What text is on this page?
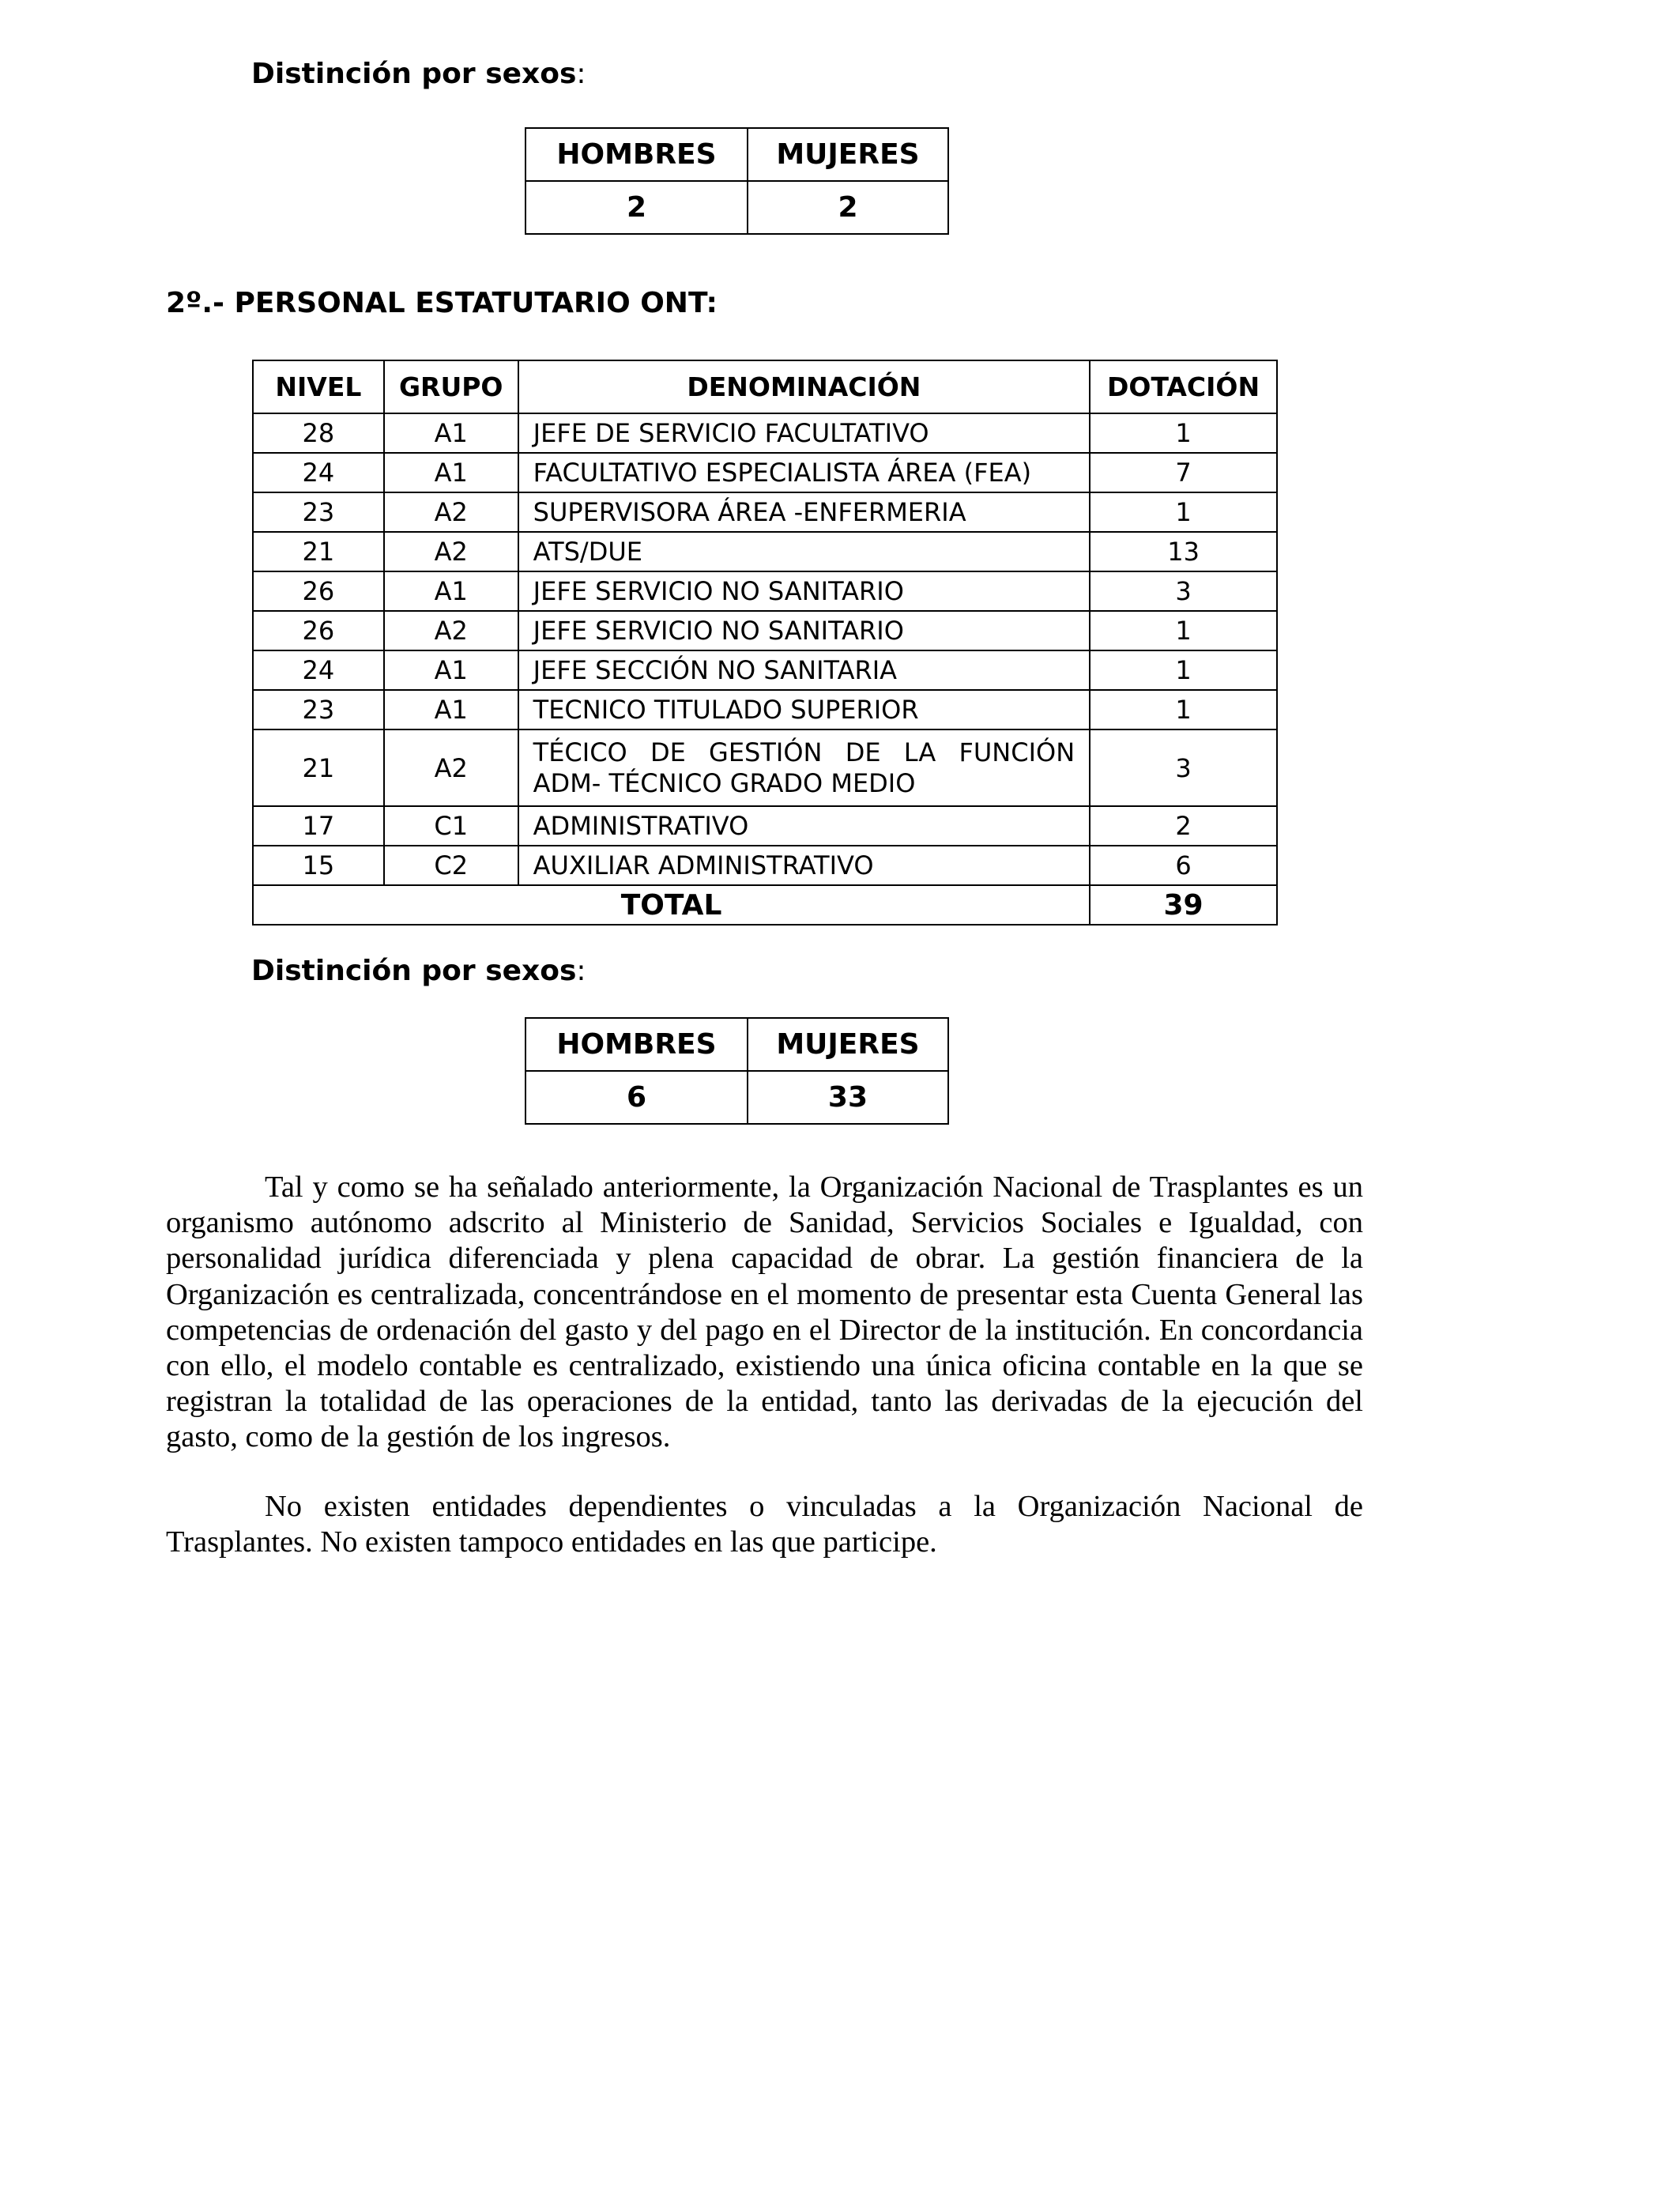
Distinción por sexos:
HOMBRES	MUJERES
2	2
2º.- PERSONAL ESTATUTARIO ONT:
NIVEL	GRUPO	DENOMINACIÓN	DOTACIÓN
28	A1	JEFE DE SERVICIO FACULTATIVO	1
24	A1	FACULTATIVO ESPECIALISTA ÁREA (FEA)	7
23	A2	SUPERVISORA ÁREA -ENFERMERIA	1
21	A2	ATS/DUE	13
26	A1	JEFE SERVICIO NO SANITARIO	3
26	A2	JEFE SERVICIO NO SANITARIO	1
24	A1	JEFE SECCIÓN NO SANITARIA	1
23	A1	TECNICO TITULADO SUPERIOR	1
21	A2	TÉCICO DE GESTIÓN DE LA FUNCIÓN ADM- TÉCNICO GRADO MEDIO	3
17	C1	ADMINISTRATIVO	2
15	C2	AUXILIAR ADMINISTRATIVO	6
TOTAL			39
Distinción por sexos:
HOMBRES	MUJERES
6	33

Tal y como se ha señalado anteriormente, la Organización Nacional de Trasplantes es un organismo autónomo adscrito al Ministerio de Sanidad, Servicios Sociales e Igualdad, con personalidad jurídica diferenciada y plena capacidad de obrar. La gestión financiera de la Organización es centralizada, concentrándose en el momento de presentar esta Cuenta General las competencias de ordenación del gasto y del pago en el Director de la institución. En concordancia con ello, el modelo contable es centralizado, existiendo una única oficina contable en la que se registran la totalidad de las operaciones de la entidad, tanto las derivadas de la ejecución del gasto, como de la gestión de los ingresos.

No existen entidades dependientes o vinculadas a la Organización Nacional de Trasplantes. No existen tampoco entidades en las que participe.
